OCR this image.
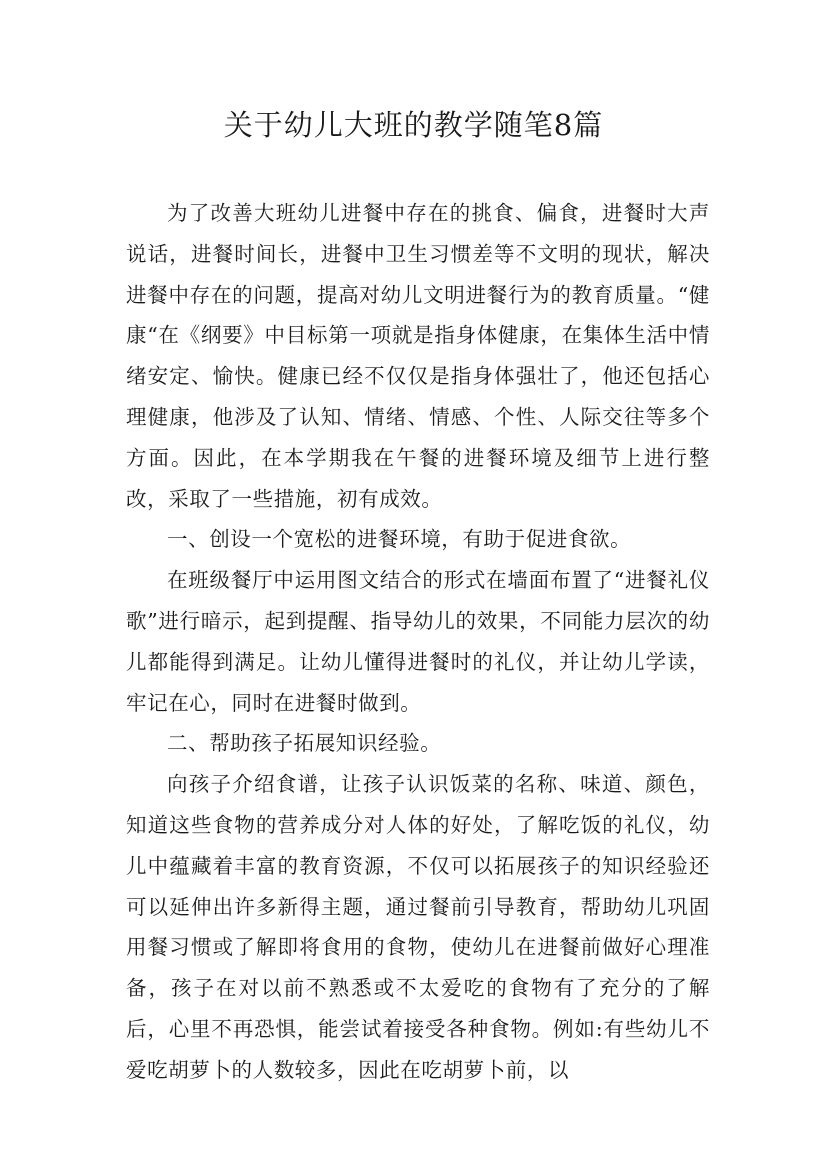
关于幼儿大班的教学随笔8篇

为了改善大班幼儿进餐中存在的挑食、偏食，进餐时大声说话，进餐时间长，进餐中卫生习惯差等不文明的现状，解决进餐中存在的问题，提高对幼儿文明进餐行为的教育质量。“健康“在《纲要》中目标第一项就是指身体健康，在集体生活中情绪安定、愉快。健康已经不仅仅是指身体强壮了，他还包括心理健康，他涉及了认知、情绪、情感、个性、人际交往等多个方面。因此，在本学期我在午餐的进餐环境及细节上进行整改，采取了一些措施，初有成效。

一、创设一个宽松的进餐环境，有助于促进食欲。

在班级餐厅中运用图文结合的形式在墙面布置了“进餐礼仪歌”进行暗示，起到提醒、指导幼儿的效果，不同能力层次的幼儿都能得到满足。让幼儿懂得进餐时的礼仪，并让幼儿学读，牢记在心，同时在进餐时做到。

二、帮助孩子拓展知识经验。

向孩子介绍食谱，让孩子认识饭菜的名称、味道、颜色，知道这些食物的营养成分对人体的好处，了解吃饭的礼仪，幼儿中蕴藏着丰富的教育资源，不仅可以拓展孩子的知识经验还可以延伸出许多新得主题，通过餐前引导教育，帮助幼儿巩固用餐习惯或了解即将食用的食物，使幼儿在进餐前做好心理准备，孩子在对以前不熟悉或不太爱吃的食物有了充分的了解后，心里不再恐惧，能尝试着接受各种食物。例如:有些幼儿不爱吃胡萝卜的人数较多，因此在吃胡萝卜前，以
